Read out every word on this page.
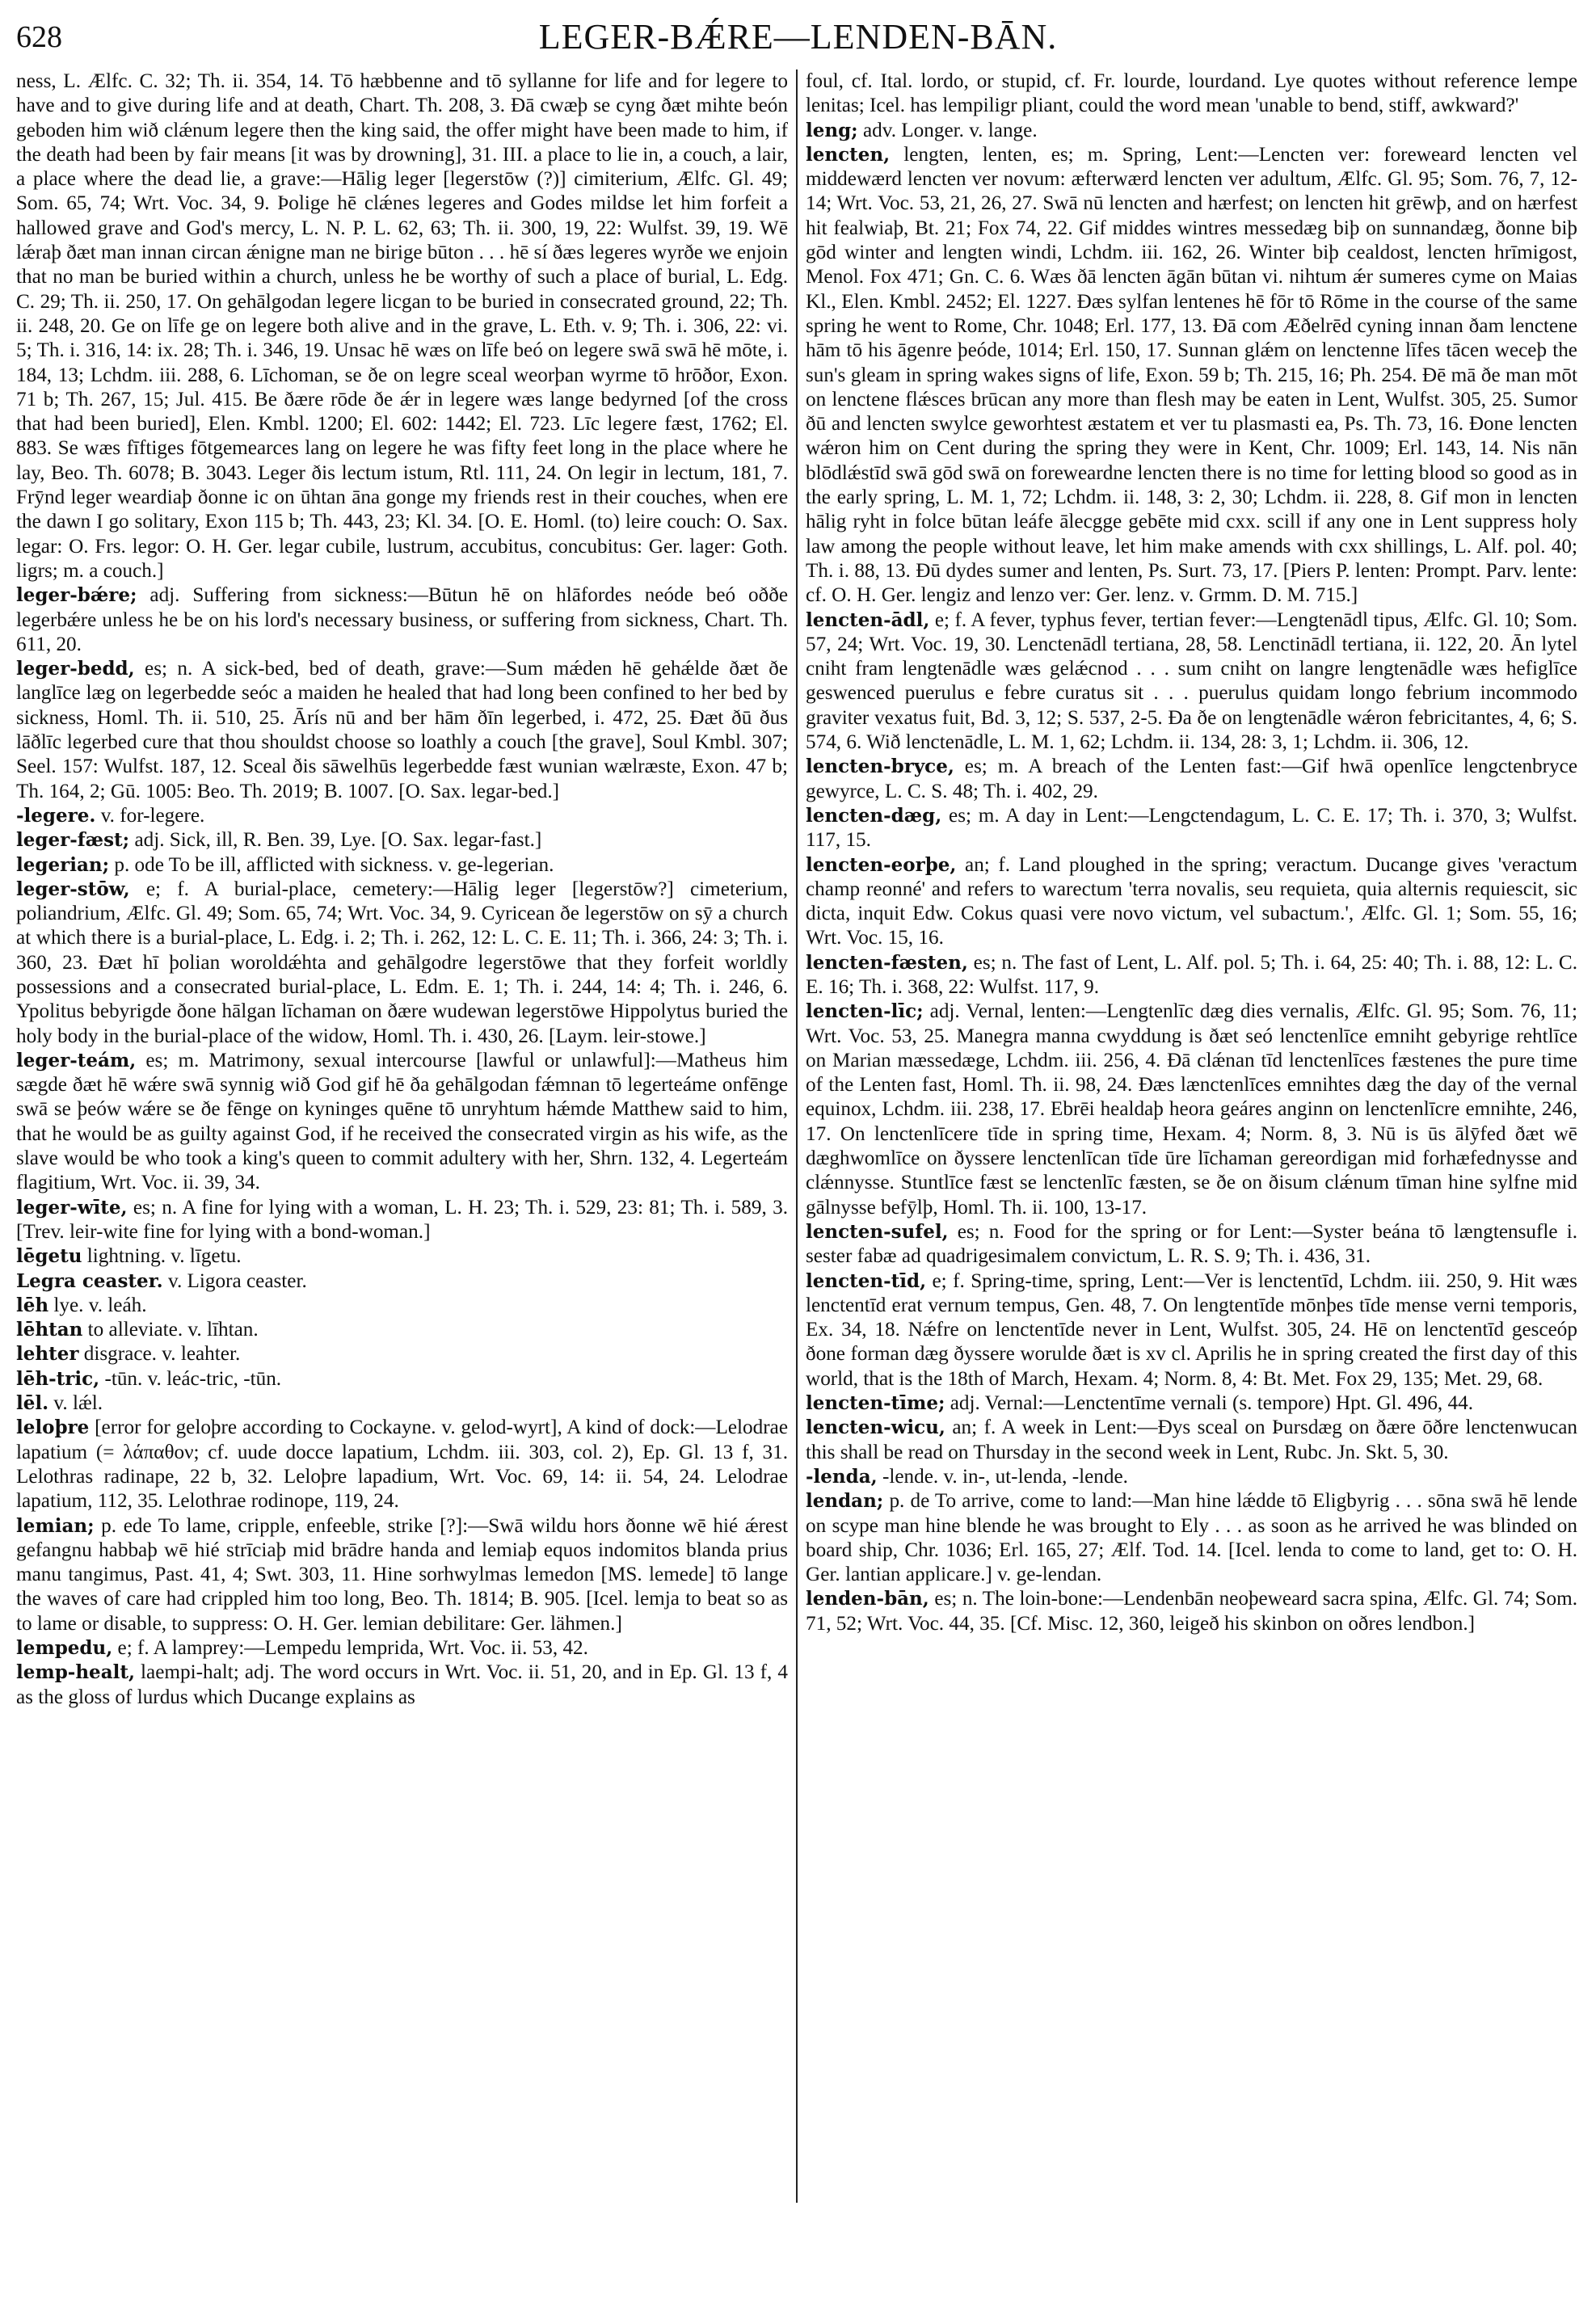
628	LEGER-BǼRE—LENDEN-BĀN.

ness, L. Ælfc. C. 32; Th. ii. 354, 14. Tō hæbbenne and tō syllanne for life and for legere to have and to give during life and at death, Chart. Th. 208, 3. Đā cwæþ se cyng ðæt mihte beón geboden him wið clǽnum legere then the king said, the offer might have been made to him, if the death had been by fair means [it was by drowning], 31. III. a place to lie in, a couch, a lair, a place where the dead lie, a grave:—Hālig leger [legerstōw (?)] cimiterium, Ælfc. Gl. 49; Som. 65, 74; Wrt. Voc. 34, 9. Þolige hē clǽnes legeres and Godes mildse let him forfeit a hallowed grave and God's mercy, L. N. P. L. 62, 63; Th. ii. 300, 19, 22: Wulfst. 39, 19. Wē lǽraþ ðæt man innan circan ǽnigne man ne birige būton . . . hē sí ðæs legeres wyrðe we enjoin that no man be buried within a church, unless he be worthy of such a place of burial, L. Edg. C. 29; Th. ii. 250, 17. On gehālgodan legere licgan to be buried in consecrated ground, 22; Th. ii. 248, 20. Ge on līfe ge on legere both alive and in the grave, L. Eth. v. 9; Th. i. 306, 22: vi. 5; Th. i. 316, 14: ix. 28; Th. i. 346, 19. Unsac hē wæs on līfe beó on legere swā swā hē mōte, i. 184, 13; Lchdm. iii. 288, 6. Līchoman, se ðe on legre sceal weorþan wyrme tō hrōðor, Exon. 71 b; Th. 267, 15; Jul. 415. Be ðære rōde ðe ǽr in legere wæs lange bedyrned [of the cross that had been buried], Elen. Kmbl. 1200; El. 602: 1442; El. 723. Līc legere fæst, 1762; El. 883. Se wæs fīftiges fōtgemearces lang on legere he was fifty feet long in the place where he lay, Beo. Th. 6078; B. 3043. Leger ðis lectum istum, Rtl. 111, 24. On legir in lectum, 181, 7. Frȳnd leger weardiaþ ðonne ic on ūhtan āna gonge my friends rest in their couches, when ere the dawn I go solitary, Exon 115 b; Th. 443, 23; Kl. 34. [O. E. Homl. (to) leire couch: O. Sax. legar: O. Frs. legor: O. H. Ger. legar cubile, lustrum, accubitus, concubitus: Ger. lager: Goth. ligrs; m. a couch.]

leger-bǽre; adj. Suffering from sickness:—Būtun hē on hlāfordes neóde beó oððe legerbǽre unless he be on his lord's necessary business, or suffering from sickness, Chart. Th. 611, 20.

leger-bedd, es; n. A sick-bed, bed of death, grave:—Sum mǽden hē gehǽlde ðæt ðe langlīce læg on legerbedde seóc a maiden he healed that had long been confined to her bed by sickness, Homl. Th. ii. 510, 25. Ārís nū and ber hām ðīn legerbed, i. 472, 25. Ðæt ðū ðus lāðlīc legerbed cure that thou shouldst choose so loathly a couch [the grave], Soul Kmbl. 307; Seel. 157: Wulfst. 187, 12. Sceal ðis sāwelhūs legerbedde fæst wunian wælræste, Exon. 47 b; Th. 164, 2; Gū. 1005: Beo. Th. 2019; B. 1007. [O. Sax. legar-bed.]

-legere. v. for-legere.

leger-fæst; adj. Sick, ill, R. Ben. 39, Lye. [O. Sax. legar-fast.]

legerian; p. ode To be ill, afflicted with sickness. v. ge-legerian.

leger-stōw, e; f. A burial-place, cemetery:—Hālig leger [legerstōw?] cimeterium, poliandrium, Ælfc. Gl. 49; Som. 65, 74; Wrt. Voc. 34, 9. Cyricean ðe legerstōw on sȳ a church at which there is a burial-place, L. Edg. i. 2; Th. i. 262, 12: L. C. E. 11; Th. i. 366, 24: 3; Th. i. 360, 23. Ðæt hī þolian woroldǽhta and gehālgodre legerstōwe that they forfeit worldly possessions and a consecrated burial-place, L. Edm. E. 1; Th. i. 244, 14: 4; Th. i. 246, 6. Ypolitus bebyrigde ðone hālgan līchaman on ðære wudewan legerstōwe Hippolytus buried the holy body in the burial-place of the widow, Homl. Th. i. 430, 26. [Laym. leir-stowe.]

leger-teám, es; m. Matrimony, sexual intercourse [lawful or unlawful]:—Matheus him sægde ðæt hē wǽre swā synnig wið God gif hē ða gehālgodan fǽmnan tō legerteáme onfēnge swā se þeów wǽre se ðe fēnge on kyninges quēne tō unryhtum hǽmde Matthew said to him, that he would be as guilty against God, if he received the consecrated virgin as his wife, as the slave would be who took a king's queen to commit adultery with her, Shrn. 132, 4. Legerteám flagitium, Wrt. Voc. ii. 39, 34.

leger-wīte, es; n. A fine for lying with a woman, L. H. 23; Th. i. 529, 23: 81; Th. i. 589, 3. [Trev. leir-wite fine for lying with a bond-woman.]

lēgetu lightning. v. līgetu.

Legra ceaster. v. Ligora ceaster.

lēh lye. v. leáh.

lēhtan to alleviate. v. līhtan.

lehter disgrace. v. leahter.

lēh-tric, -tūn. v. leác-tric, -tūn.

lēl. v. lǽl.

leloþre [error for geloþre according to Cockayne. v. gelod-wyrt], A kind of dock:—Lelodrae lapatium (= λάπαθον; cf. uude docce lapatium, Lchdm. iii. 303, col. 2), Ep. Gl. 13 f, 31. Lelothras radinape, 22 b, 32. Leloþre lapadium, Wrt. Voc. 69, 14: ii. 54, 24. Lelodrae lapatium, 112, 35. Lelothrae rodinope, 119, 24.

lemian; p. ede To lame, cripple, enfeeble, strike [?]:—Swā wildu hors ðonne wē hié ǽrest gefangnu habbaþ wē hié strīciaþ mid brādre handa and lemiaþ equos indomitos blanda prius manu tangimus, Past. 41, 4; Swt. 303, 11. Hine sorhwylmas lemedon [MS. lemede] tō lange the waves of care had crippled him too long, Beo. Th. 1814; B. 905. [Icel. lemja to beat so as to lame or disable, to suppress: O. H. Ger. lemian debilitare: Ger. lähmen.]

lempedu, e; f. A lamprey:—Lempedu lemprida, Wrt. Voc. ii. 53, 42.

lemp-healt, laempi-halt; adj. The word occurs in Wrt. Voc. ii. 51, 20, and in Ep. Gl. 13 f, 4 as the gloss of lurdus which Ducange explains as

foul, cf. Ital. lordo, or stupid, cf. Fr. lourde, lourdand. Lye quotes without reference lempe lenitas; Icel. has lempiligr pliant, could the word mean 'unable to bend, stiff, awkward?'

leng; adv. Longer. v. lange.

lencten, lengten, lenten, es; m. Spring, Lent:—Lencten ver: foreweard lencten vel middewærd lencten ver novum: æfterwærd lencten ver adultum, Ælfc. Gl. 95; Som. 76, 7, 12-14; Wrt. Voc. 53, 21, 26, 27. Swā nū lencten and hærfest; on lencten hit grēwþ, and on hærfest hit fealwiaþ, Bt. 21; Fox 74, 22. Gif middes wintres messedæg biþ on sunnandæg, ðonne biþ gōd winter and lengten windi, Lchdm. iii. 162, 26. Winter biþ cealdost, lencten hrīmigost, Menol. Fox 471; Gn. C. 6. Wæs ðā lencten āgān būtan vi. nihtum ǽr sumeres cyme on Maias Kl., Elen. Kmbl. 2452; El. 1227. Ðæs sylfan lentenes hē fōr tō Rōme in the course of the same spring he went to Rome, Chr. 1048; Erl. 177, 13. Ðā com Æðelrēd cyning innan ðam lenctene hām tō his āgenre þeóde, 1014; Erl. 150, 17. Sunnan glǽm on lenctenne līfes tācen weceþ the sun's gleam in spring wakes signs of life, Exon. 59 b; Th. 215, 16; Ph. 254. Ðē mā ðe man mōt on lenctene flǽsces brūcan any more than flesh may be eaten in Lent, Wulfst. 305, 25. Sumor ðū and lencten swylce geworhtest æstatem et ver tu plasmasti ea, Ps. Th. 73, 16. Ðone lencten wǽron him on Cent during the spring they were in Kent, Chr. 1009; Erl. 143, 14. Nis nān blōdlǽstīd swā gōd swā on foreweardne lencten there is no time for letting blood so good as in the early spring, L. M. 1, 72; Lchdm. ii. 148, 3: 2, 30; Lchdm. ii. 228, 8. Gif mon in lencten hālig ryht in folce būtan leáfe ālecgge gebēte mid cxx. scill if any one in Lent suppress holy law among the people without leave, let him make amends with cxx shillings, L. Alf. pol. 40; Th. i. 88, 13. Ðū dydes sumer and lenten, Ps. Surt. 73, 17. [Piers P. lenten: Prompt. Parv. lente: cf. O. H. Ger. lengiz and lenzo ver: Ger. lenz. v. Grmm. D. M. 715.]

lencten-ādl, e; f. A fever, typhus fever, tertian fever:—Lengtenādl tipus, Ælfc. Gl. 10; Som. 57, 24; Wrt. Voc. 19, 30. Lenctenādl tertiana, 28, 58. Lenctinādl tertiana, ii. 122, 20. Ān lytel cniht fram lengtenādle wæs gelǽcnod . . . sum cniht on langre lengtenādle wæs hefiglīce geswenced puerulus e febre curatus sit . . . puerulus quidam longo febrium incommodo graviter vexatus fuit, Bd. 3, 12; S. 537, 2-5. Ða ðe on lengtenādle wǽron febricitantes, 4, 6; S. 574, 6. Wið lenctenādle, L. M. 1, 62; Lchdm. ii. 134, 28: 3, 1; Lchdm. ii. 306, 12.

lencten-bryce, es; m. A breach of the Lenten fast:—Gif hwā openlīce lengctenbryce gewyrce, L. C. S. 48; Th. i. 402, 29.

lencten-dæg, es; m. A day in Lent:—Lengctendagum, L. C. E. 17; Th. i. 370, 3; Wulfst. 117, 15.

lencten-eorþe, an; f. Land ploughed in the spring; veractum. Ducange gives 'veractum champ reonné' and refers to warectum 'terra novalis, seu requieta, quia alternis requiescit, sic dicta, inquit Edw. Cokus quasi vere novo victum, vel subactum.', Ælfc. Gl. 1; Som. 55, 16; Wrt. Voc. 15, 16.

lencten-fæsten, es; n. The fast of Lent, L. Alf. pol. 5; Th. i. 64, 25: 40; Th. i. 88, 12: L. C. E. 16; Th. i. 368, 22: Wulfst. 117, 9.

lencten-līc; adj. Vernal, lenten:—Lengtenlīc dæg dies vernalis, Ælfc. Gl. 95; Som. 76, 11; Wrt. Voc. 53, 25. Manegra manna cwyddung is ðæt seó lenctenlīce emniht gebyrige rehtlīce on Marian mæssedæge, Lchdm. iii. 256, 4. Ðā clǽnan tīd lenctenlīces fæstenes the pure time of the Lenten fast, Homl. Th. ii. 98, 24. Ðæs lænctenlīces emnihtes dæg the day of the vernal equinox, Lchdm. iii. 238, 17. Ebrēi healdaþ heora geáres anginn on lenctenlīcre emnihte, 246, 17. On lenctenlīcere tīde in spring time, Hexam. 4; Norm. 8, 3. Nū is ūs ālȳfed ðæt wē dæghwomlīce on ðyssere lenctenlīcan tīde ūre līchaman gereordigan mid forhæfednysse and clǽnnysse. Stuntlīce fæst se lenctenlīc fæsten, se ðe on ðisum clǽnum tīman hine sylfne mid gālnysse befȳlþ, Homl. Th. ii. 100, 13-17.

lencten-sufel, es; n. Food for the spring or for Lent:—Syster beána tō længtensufle i. sester fabæ ad quadrigesimalem convictum, L. R. S. 9; Th. i. 436, 31.

lencten-tīd, e; f. Spring-time, spring, Lent:—Ver is lenctentīd, Lchdm. iii. 250, 9. Hit wæs lenctentīd erat vernum tempus, Gen. 48, 7. On lengtentīde mōnþes tīde mense verni temporis, Ex. 34, 18. Nǽfre on lenctentīde never in Lent, Wulfst. 305, 24. Hē on lenctentīd gesceóp ðone forman dæg ðyssere worulde ðæt is xv cl. Aprilis he in spring created the first day of this world, that is the 18th of March, Hexam. 4; Norm. 8, 4: Bt. Met. Fox 29, 135; Met. 29, 68.

lencten-tīme; adj. Vernal:—Lenctentīme vernali (s. tempore) Hpt. Gl. 496, 44.

lencten-wicu, an; f. A week in Lent:—Ðys sceal on Þursdæg on ðære ōðre lenctenwucan this shall be read on Thursday in the second week in Lent, Rubc. Jn. Skt. 5, 30.

-lenda, -lende. v. in-, ut-lenda, -lende.

lendan; p. de To arrive, come to land:—Man hine lǽdde tō Eligbyrig . . . sōna swā hē lende on scype man hine blende he was brought to Ely . . . as soon as he arrived he was blinded on board ship, Chr. 1036; Erl. 165, 27; Ælf. Tod. 14. [Icel. lenda to come to land, get to: O. H. Ger. lantian applicare.] v. ge-lendan.

lenden-bān, es; n. The loin-bone:—Lendenbān neoþeweard sacra spina, Ælfc. Gl. 74; Som. 71, 52; Wrt. Voc. 44, 35. [Cf. Misc. 12, 360, leigeð his skinbon on oðres lendbon.]
